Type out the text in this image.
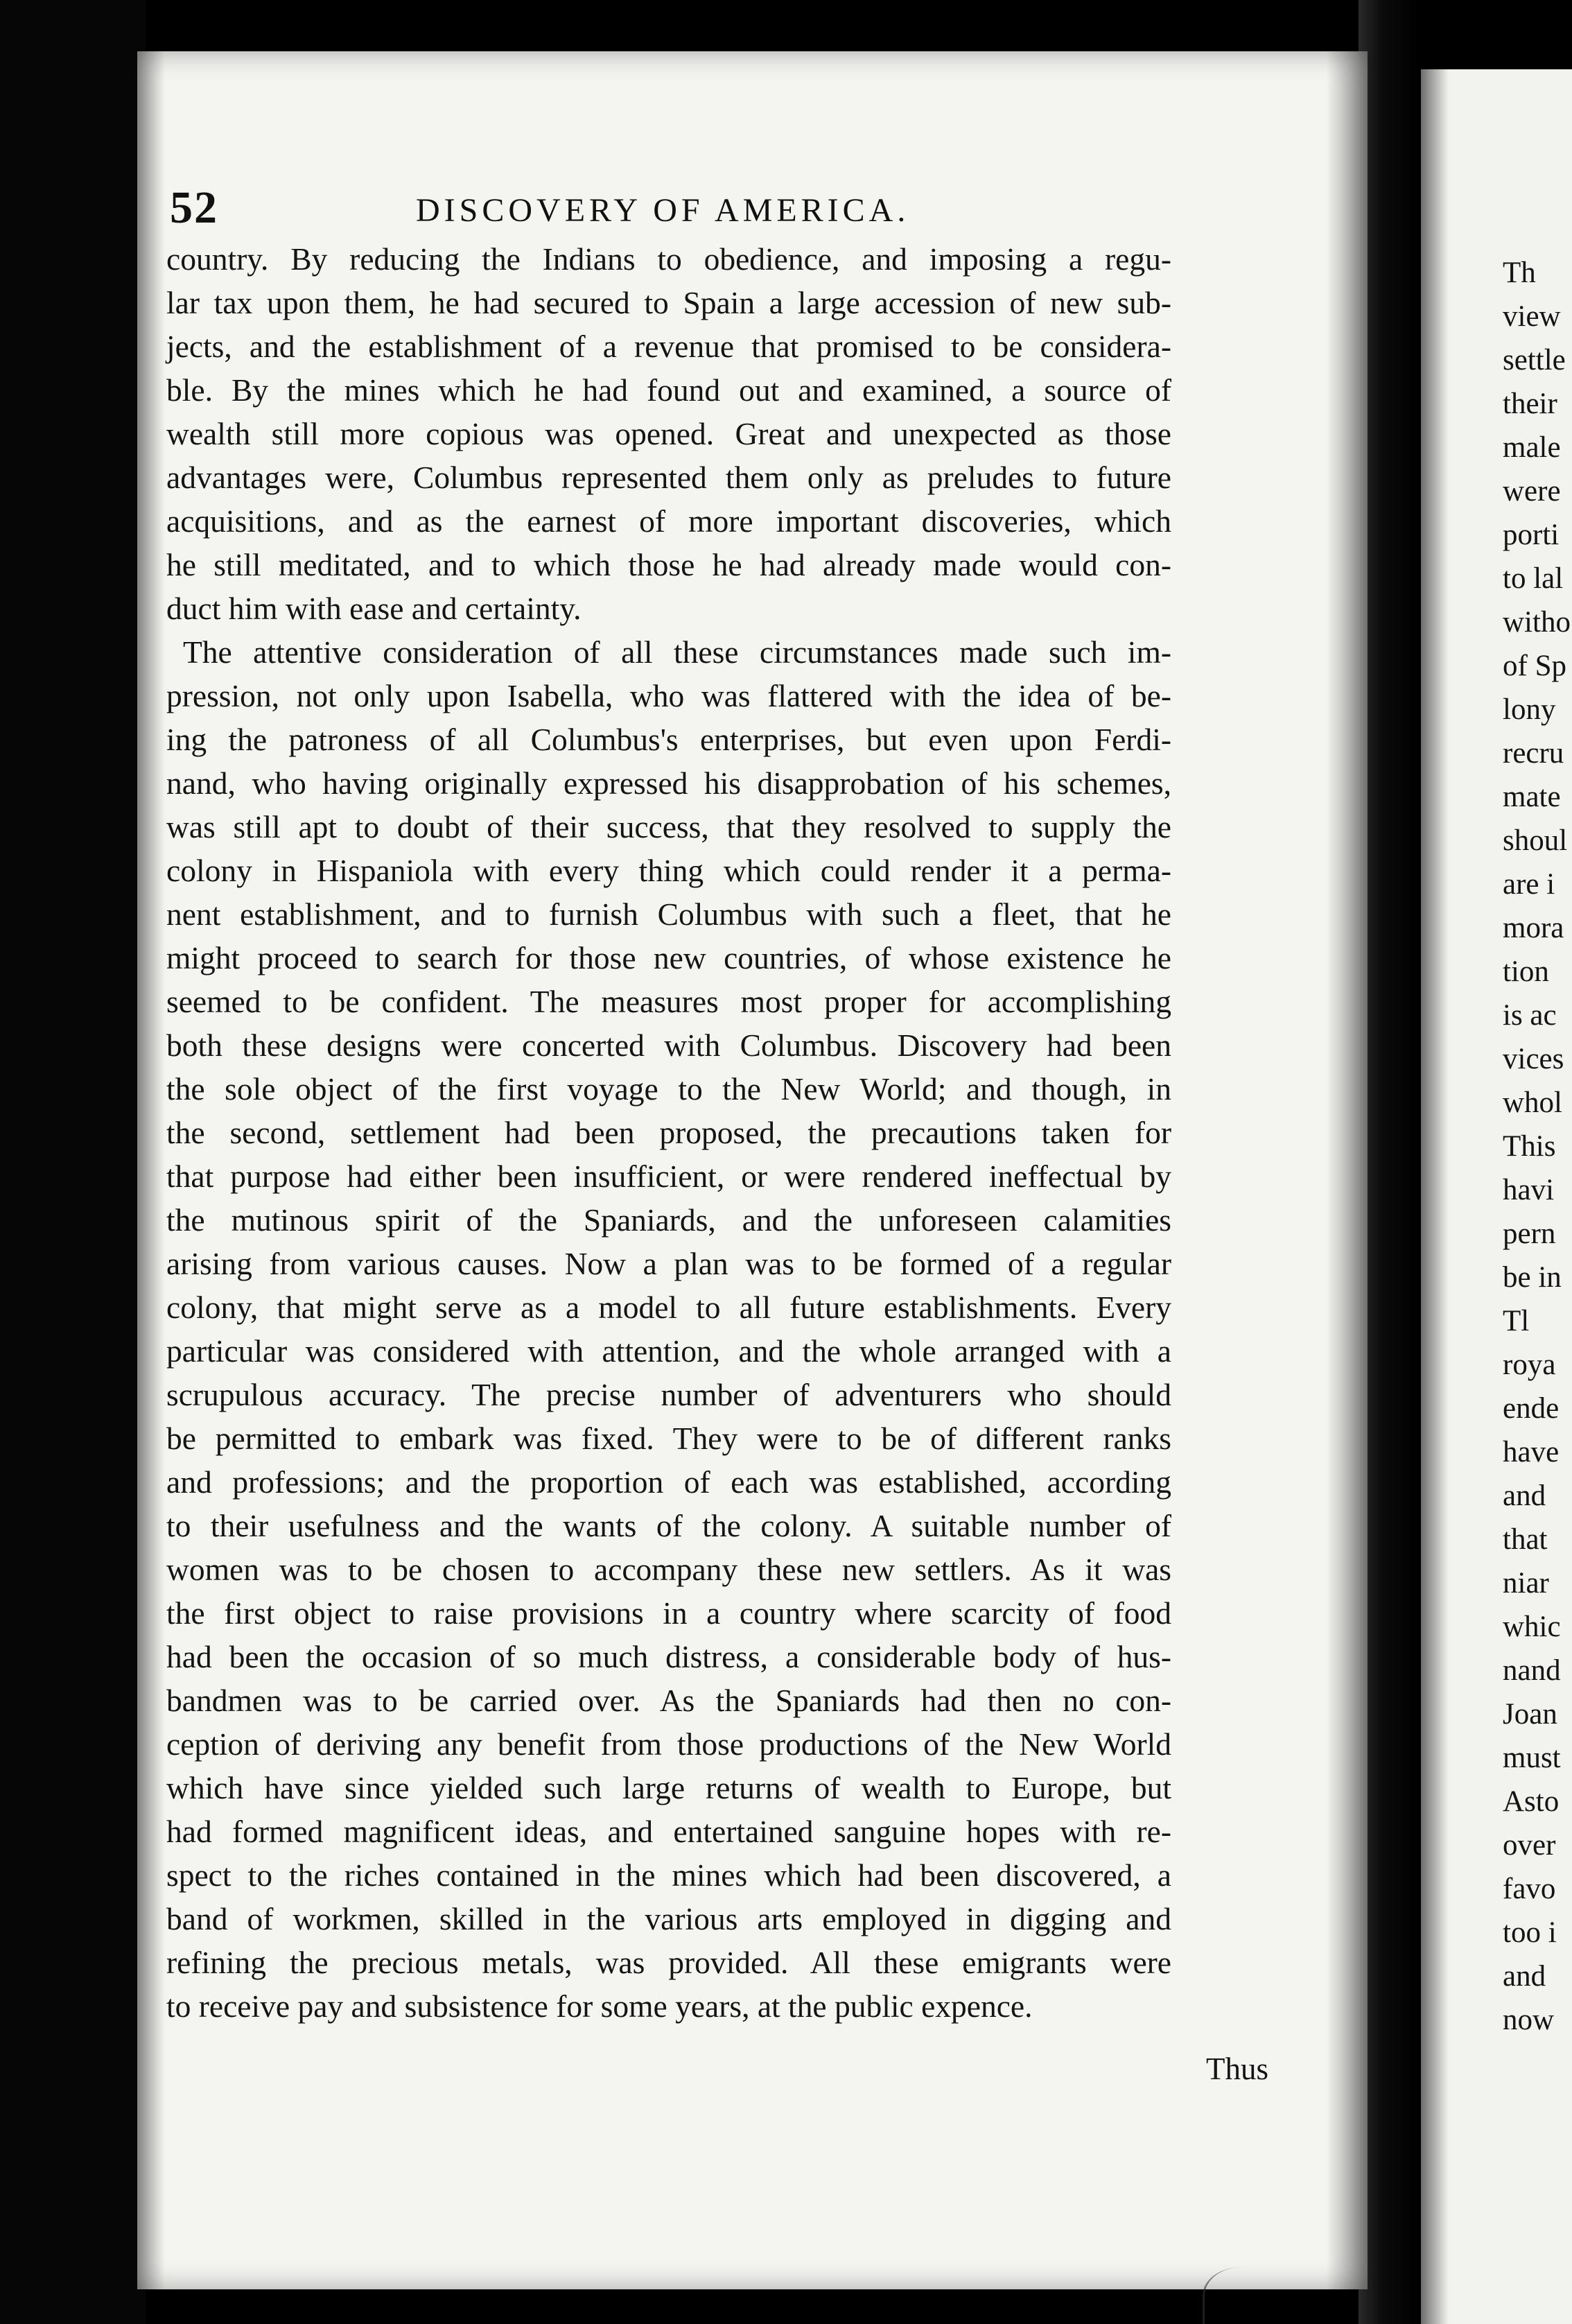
52	DISCOVERY OF AMERICA.
country. By reducing the Indians to obedience, and imposing a regu-
lar tax upon them, he had secured to Spain a large accession of new sub-
jects, and the establishment of a revenue that promised to be considera-
ble. By the mines which he had found out and examined, a source of
wealth still more copious was opened. Great and unexpected as those
advantages were, Columbus represented them only as preludes to future
acquisitions, and as the earnest of more important discoveries, which
he still meditated, and to which those he had already made would con-
duct him with ease and certainty.
The attentive consideration of all these circumstances made such im-
pression, not only upon Isabella, who was flattered with the idea of be-
ing the patroness of all Columbus's enterprises, but even upon Ferdi-
nand, who having originally expressed his disapprobation of his schemes,
was still apt to doubt of their success, that they resolved to supply the
colony in Hispaniola with every thing which could render it a perma-
nent establishment, and to furnish Columbus with such a fleet, that he
might proceed to search for those new countries, of whose existence he
seemed to be confident. The measures most proper for accomplishing
both these designs were concerted with Columbus. Discovery had been
the sole object of the first voyage to the New World; and though, in
the second, settlement had been proposed, the precautions taken for
that purpose had either been insufficient, or were rendered ineffectual by
the mutinous spirit of the Spaniards, and the unforeseen calamities
arising from various causes. Now a plan was to be formed of a regular
colony, that might serve as a model to all future establishments. Every
particular was considered with attention, and the whole arranged with a
scrupulous accuracy. The precise number of adventurers who should
be permitted to embark was fixed. They were to be of different ranks
and professions; and the proportion of each was established, according
to their usefulness and the wants of the colony. A suitable number of
women was to be chosen to accompany these new settlers. As it was
the first object to raise provisions in a country where scarcity of food
had been the occasion of so much distress, a considerable body of hus-
bandmen was to be carried over. As the Spaniards had then no con-
ception of deriving any benefit from those productions of the New World
which have since yielded such large returns of wealth to Europe, but
had formed magnificent ideas, and entertained sanguine hopes with re-
spect to the riches contained in the mines which had been discovered, a
band of workmen, skilled in the various arts employed in digging and
refining the precious metals, was provided. All these emigrants were
to receive pay and subsistence for some years, at the public expence.
Thus
Th
view
settle
their
male
were
porti
to lal
witho
of Sp
lony
recru
mate
shoul
are i
mora
tion
is ac
vices
whol
This
havi
pern
be in
Tl
roya
ende
have
and
that
niar
whic
nand
Joan
must
Asto
over
favo
too i
and
now
